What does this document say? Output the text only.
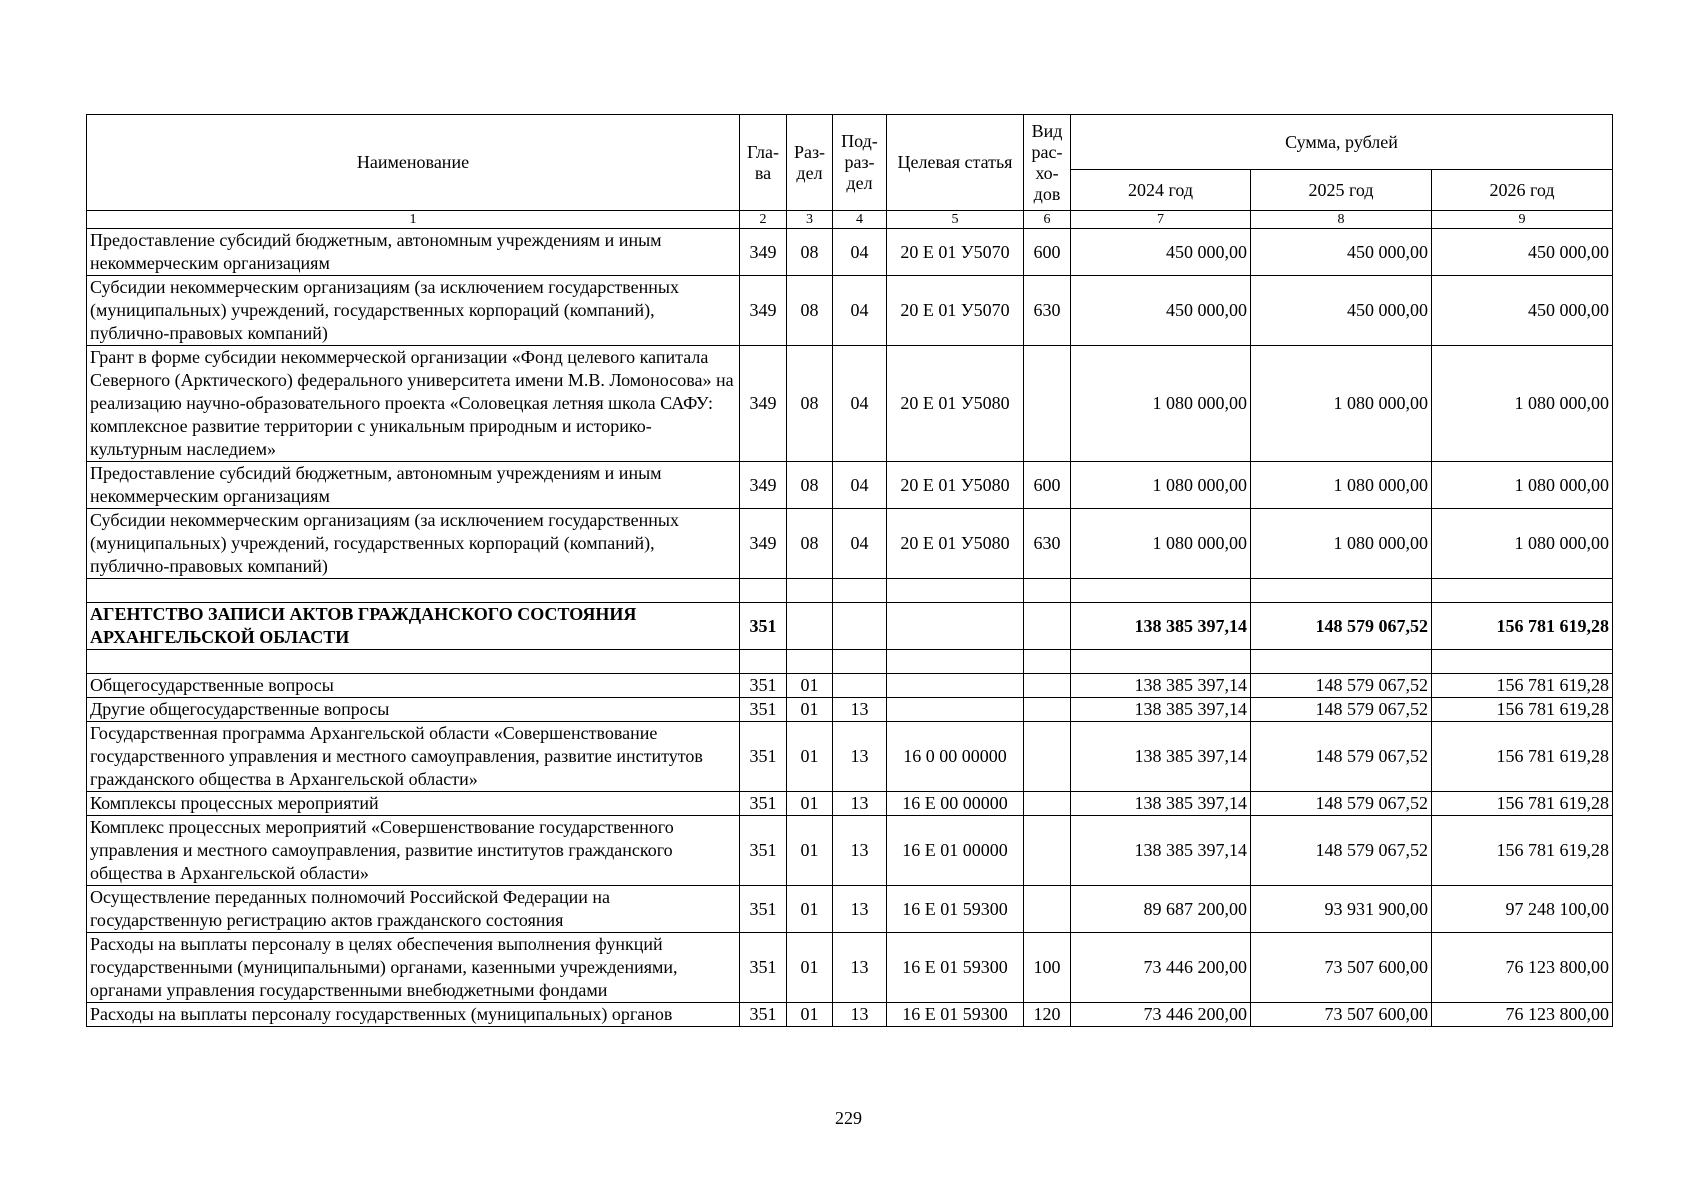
Наименование	Гла-ва	Раз-дел	Под-раз-дел	Целевая статья	Вид рас-хо-дов	Сумма, рублей		
						2024 год	2025 год	2026 год
1	2	3	4	5	6	7	8	9
Предоставление субсидий бюджетным, автономным учреждениям и иным некоммерческим организациям	349	08	04	20 Е 01 У5070	600	450 000,00	450 000,00	450 000,00
Субсидии некоммерческим организациям (за исключением государственных (муниципальных) учреждений, государственных корпораций (компаний), публично-правовых компаний)	349	08	04	20 Е 01 У5070	630	450 000,00	450 000,00	450 000,00
Грант в форме субсидии некоммерческой организации «Фонд целевого капитала Северного (Арктического) федерального университета имени М.В. Ломоносова» на реализацию научно-образовательного проекта «Соловецкая летняя школа САФУ: комплексное развитие территории с уникальным природным и историко-культурным наследием»	349	08	04	20 Е 01 У5080		1 080 000,00	1 080 000,00	1 080 000,00
Предоставление субсидий бюджетным, автономным учреждениям и иным некоммерческим организациям	349	08	04	20 Е 01 У5080	600	1 080 000,00	1 080 000,00	1 080 000,00
Субсидии некоммерческим организациям (за исключением государственных (муниципальных) учреждений, государственных корпораций (компаний), публично-правовых компаний)	349	08	04	20 Е 01 У5080	630	1 080 000,00	1 080 000,00	1 080 000,00

АГЕНТСТВО ЗАПИСИ АКТОВ ГРАЖДАНСКОГО СОСТОЯНИЯ АРХАНГЕЛЬСКОЙ ОБЛАСТИ	351					138 385 397,14	148 579 067,52	156 781 619,28

Общегосударственные вопросы	351	01				138 385 397,14	148 579 067,52	156 781 619,28
Другие общегосударственные вопросы	351	01	13			138 385 397,14	148 579 067,52	156 781 619,28
Государственная программа Архангельской области «Совершенствование государственного управления и местного самоуправления, развитие институтов гражданского общества в Архангельской области»	351	01	13	16 0 00 00000		138 385 397,14	148 579 067,52	156 781 619,28
Комплексы процессных мероприятий	351	01	13	16 Е 00 00000		138 385 397,14	148 579 067,52	156 781 619,28
Комплекс процессных мероприятий «Совершенствование государственного управления и местного самоуправления, развитие институтов гражданского общества в Архангельской области»	351	01	13	16 Е 01 00000		138 385 397,14	148 579 067,52	156 781 619,28
Осуществление переданных полномочий Российской Федерации на государственную регистрацию актов гражданского состояния	351	01	13	16 Е 01 59300		89 687 200,00	93 931 900,00	97 248 100,00
Расходы на выплаты персоналу в целях обеспечения выполнения функций государственными (муниципальными) органами, казенными учреждениями, органами управления государственными внебюджетными фондами	351	01	13	16 Е 01 59300	100	73 446 200,00	73 507 600,00	76 123 800,00
Расходы на выплаты персоналу государственных (муниципальных) органов	351	01	13	16 Е 01 59300	120	73 446 200,00	73 507 600,00	76 123 800,00
229
